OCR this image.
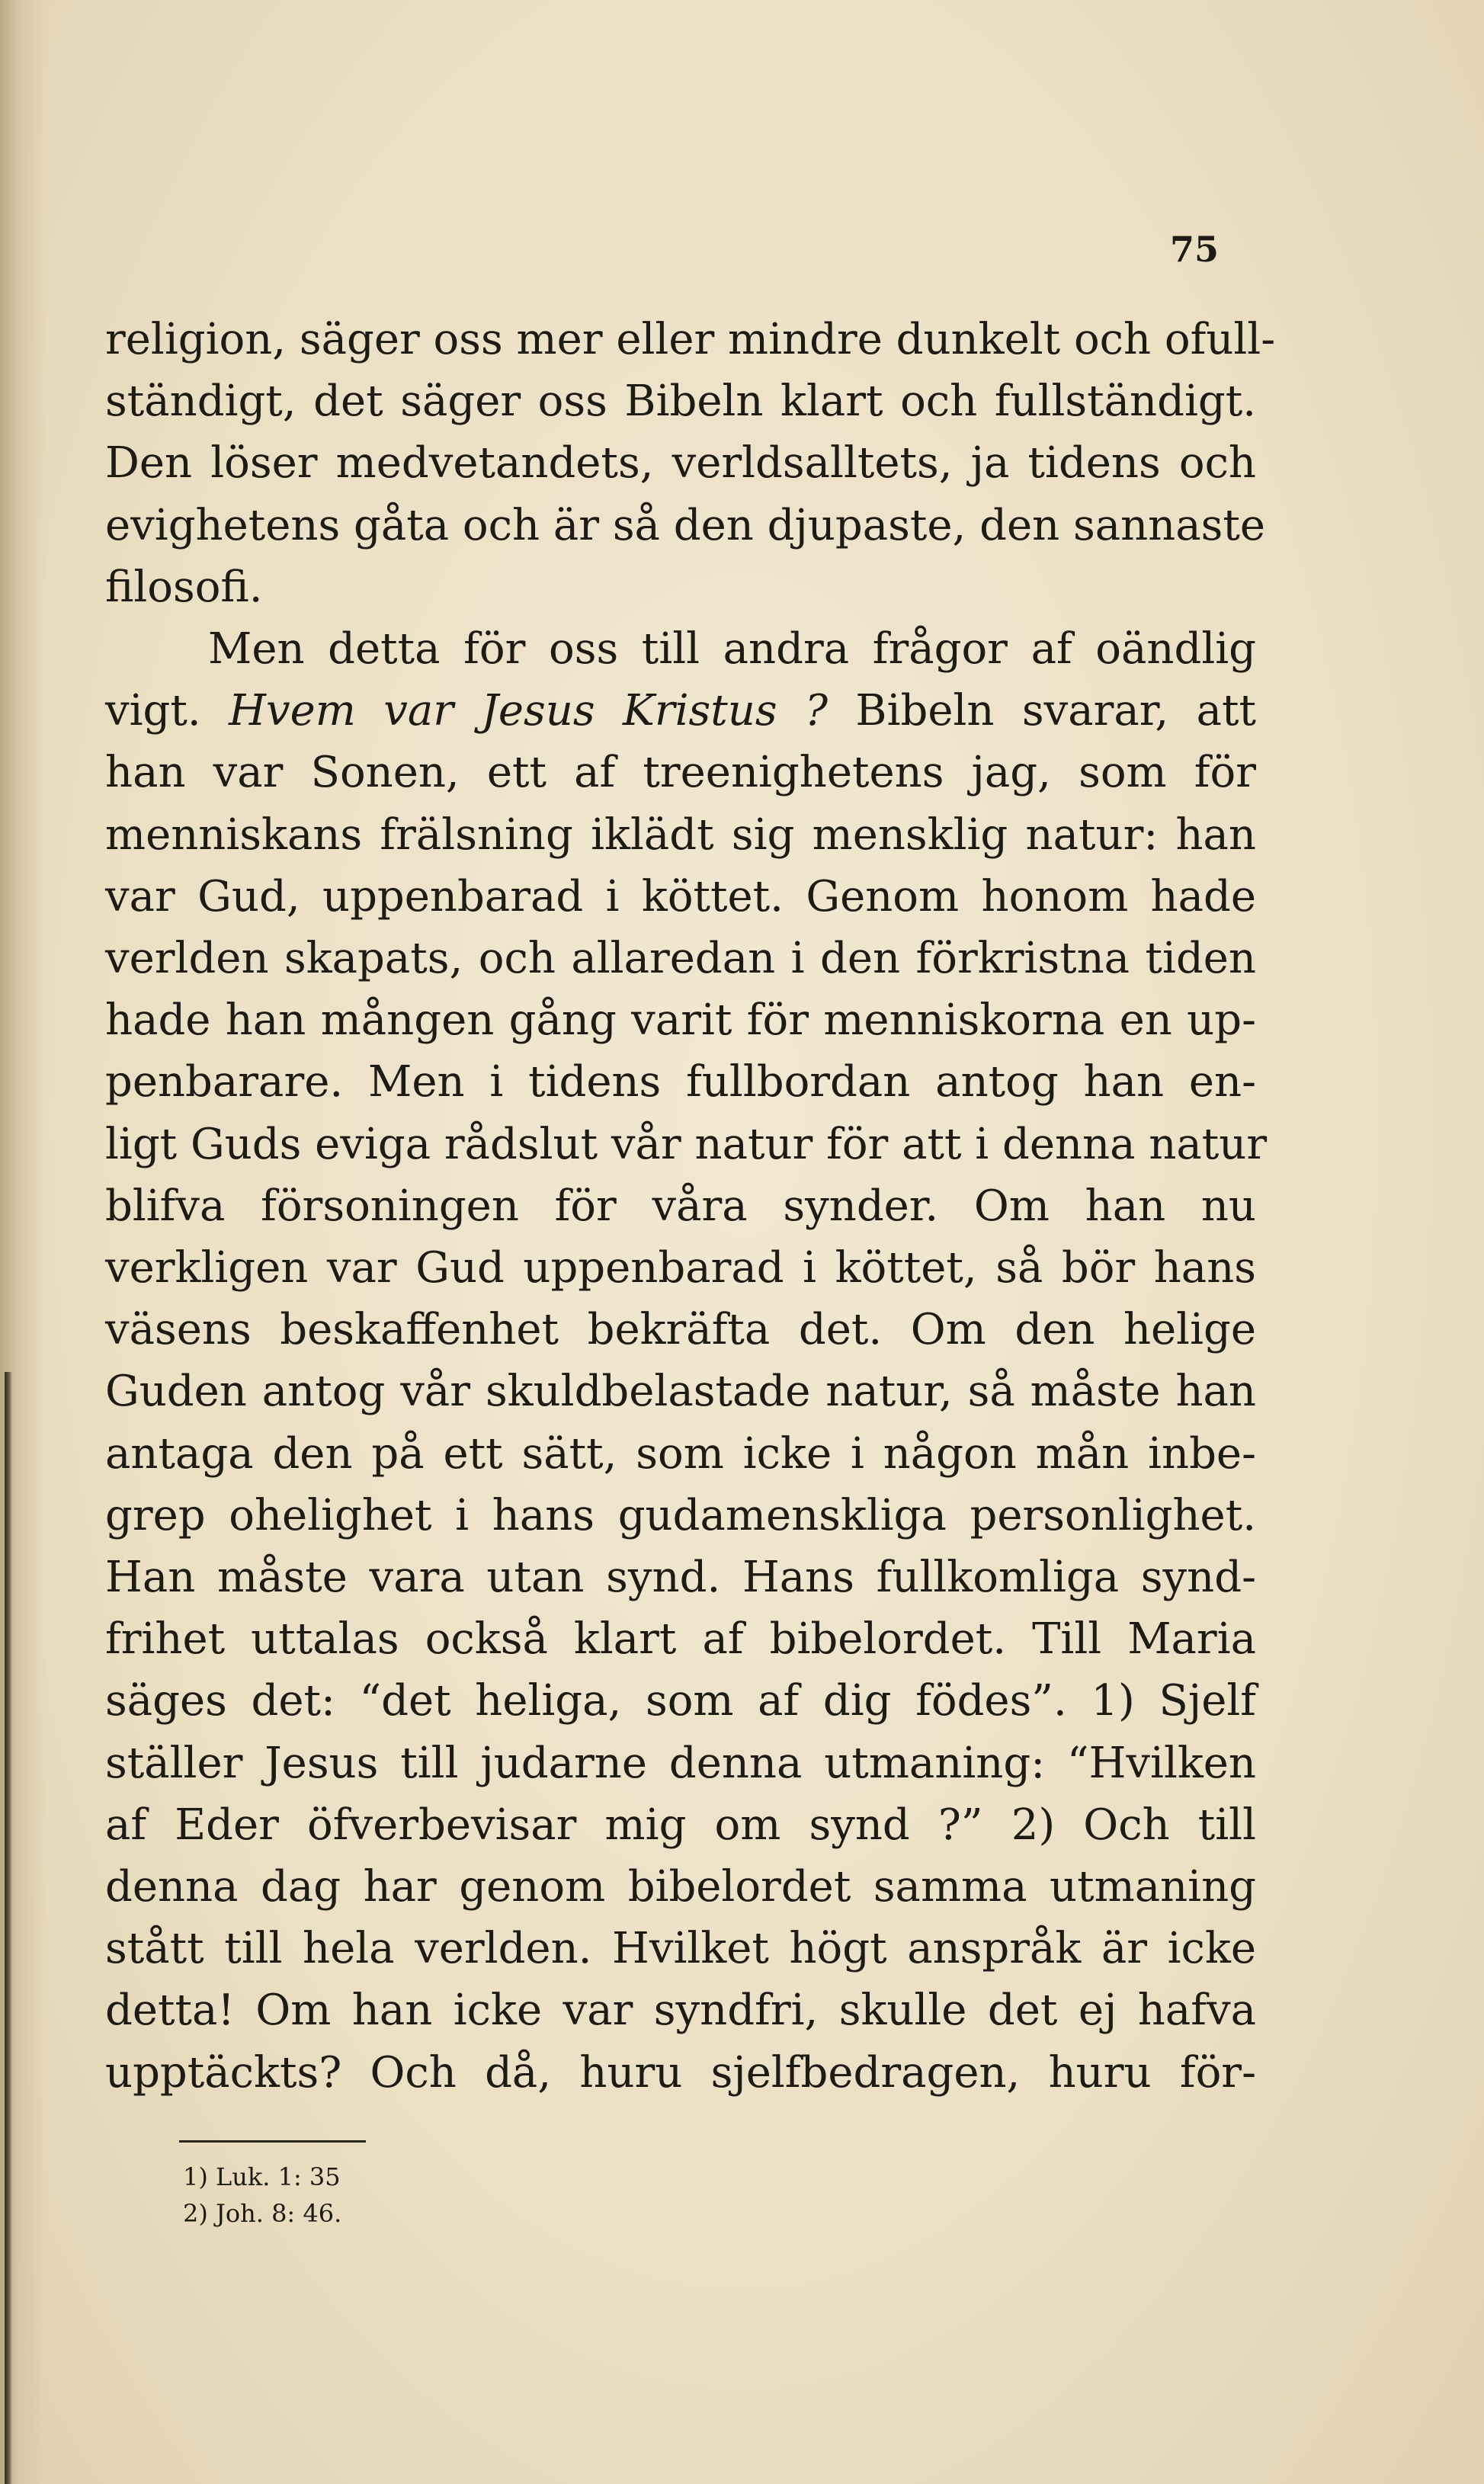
75
religion, säger oss mer eller mindre dunkelt och ofull-
ständigt, det säger oss Bibeln klart och fullständigt.
Den löser medvetandets, verldsalltets, ja tidens och
evighetens gåta och är så den djupaste, den sannaste
filosofi.
Men detta för oss till andra frågor af oändlig
vigt. Hvem var Jesus Kristus ? Bibeln svarar, att
han var Sonen, ett af treenighetens jag, som för
menniskans frälsning iklädt sig mensklig natur: han
var Gud, uppenbarad i köttet. Genom honom hade
verlden skapats, och allaredan i den förkristna tiden
hade han mången gång varit för menniskorna en up-
penbarare. Men i tidens fullbordan antog han en-
ligt Guds eviga rådslut vår natur för att i denna natur
blifva försoningen för våra synder. Om han nu
verkligen var Gud uppenbarad i köttet, så bör hans
väsens beskaffenhet bekräfta det. Om den helige
Guden antog vår skuldbelastade natur, så måste han
antaga den på ett sätt, som icke i någon mån inbe-
grep ohelighet i hans gudamenskliga personlighet.
Han måste vara utan synd. Hans fullkomliga synd-
frihet uttalas också klart af bibelordet. Till Maria
säges det: “det heliga, som af dig födes”. 1) Sjelf
ställer Jesus till judarne denna utmaning: “Hvilken
af Eder öfverbevisar mig om synd ?” 2) Och till
denna dag har genom bibelordet samma utmaning
stått till hela verlden. Hvilket högt anspråk är icke
detta! Om han icke var syndfri, skulle det ej hafva
upptäckts? Och då, huru sjelfbedragen, huru för-
1) Luk. 1: 35
2) Joh. 8: 46.
